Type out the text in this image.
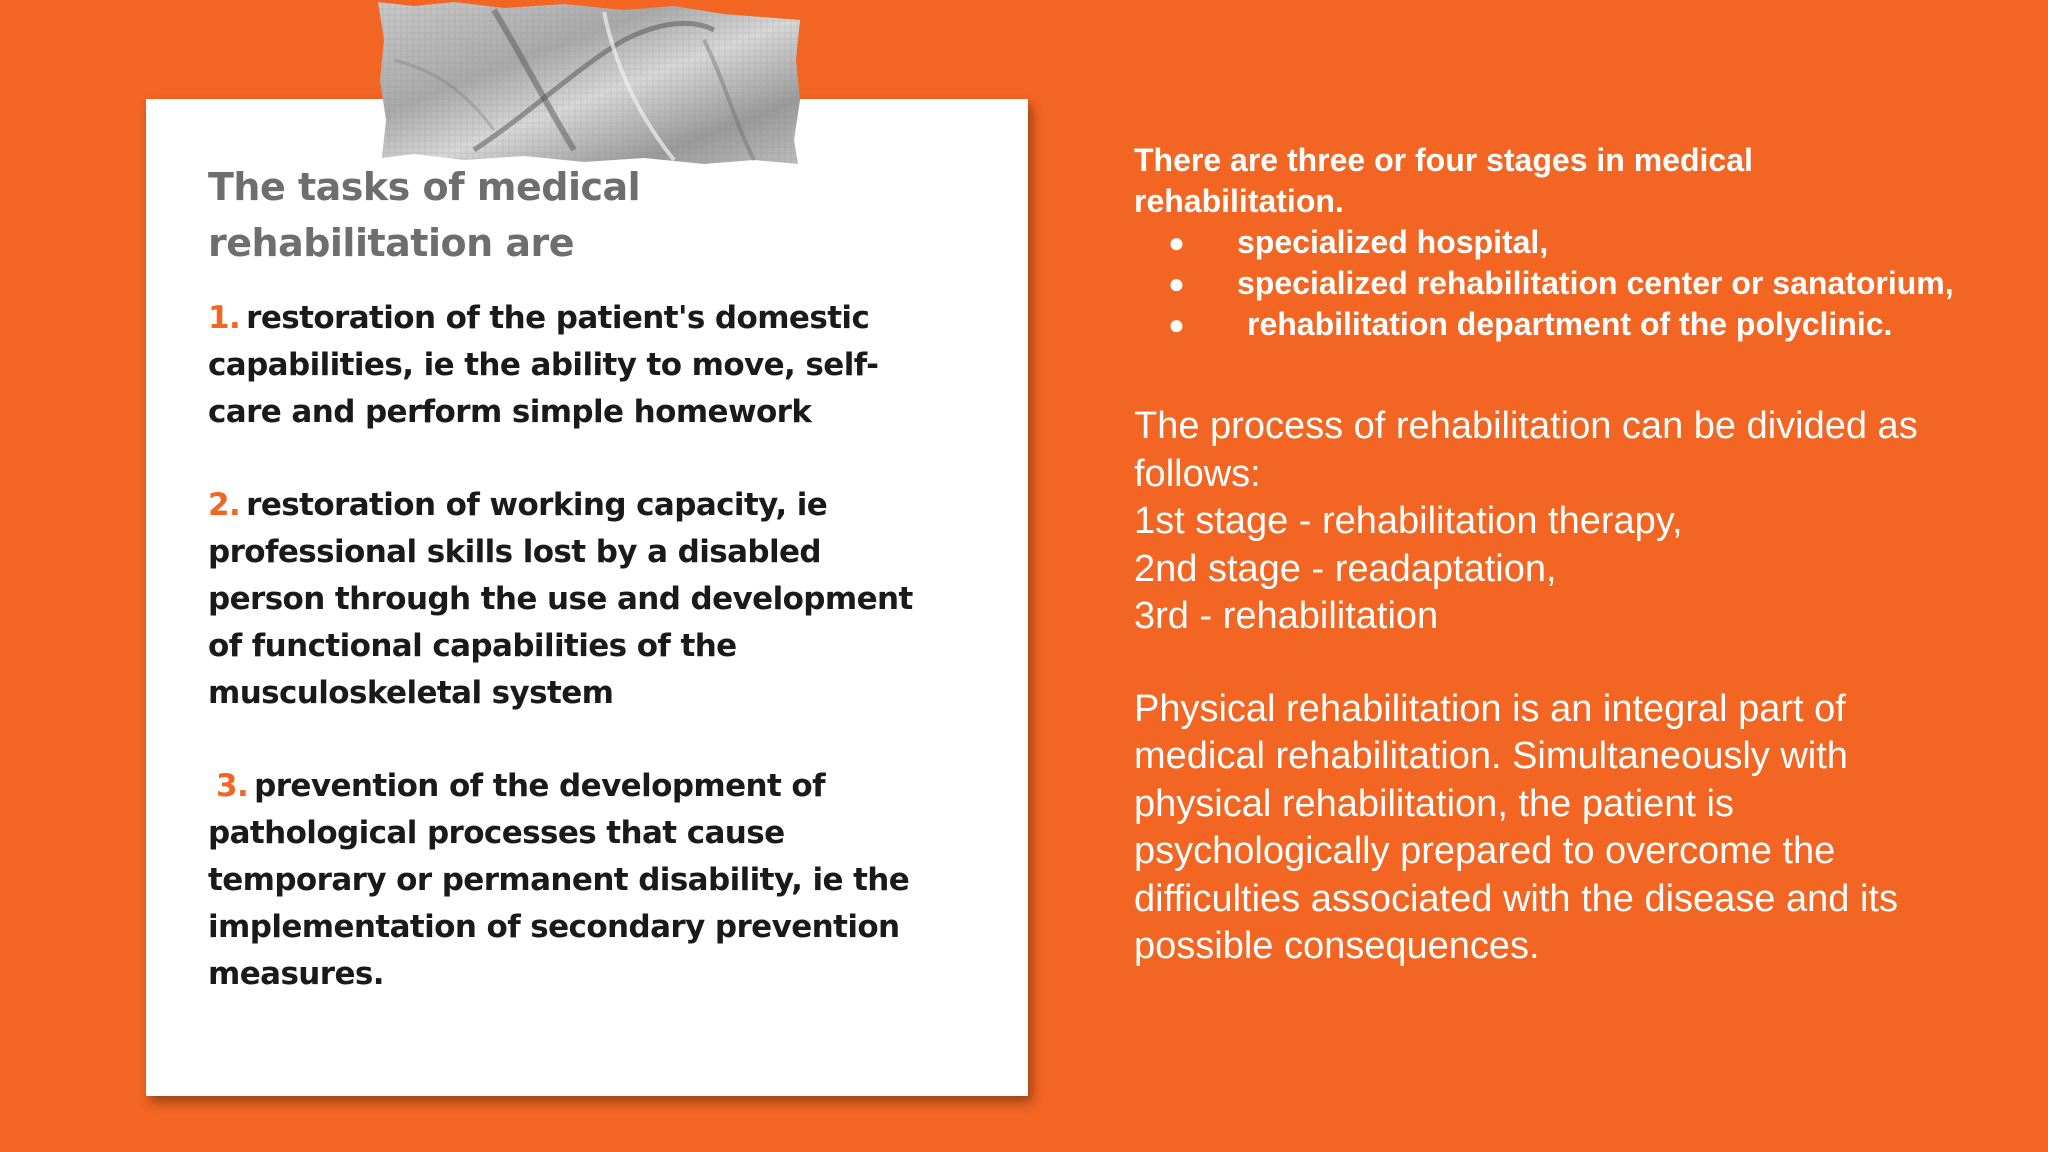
The tasks of medical rehabilitation are

1. restoration of the patient's domestic capabilities, ie the ability to move, self-care and perform simple homework

2. restoration of working capacity, ie professional skills lost by a disabled person through the use and development of functional capabilities of the musculoskeletal system

3. prevention of the development of pathological processes that cause temporary or permanent disability, ie the implementation of secondary prevention measures.

There are three or four stages in medical rehabilitation.

● specialized hospital,
● specialized rehabilitation center or sanatorium,
● rehabilitation department of the polyclinic.

The process of rehabilitation can be divided as follows:
1st stage - rehabilitation therapy,
2nd stage - readaptation,
3rd - rehabilitation

Physical rehabilitation is an integral part of medical rehabilitation. Simultaneously with physical rehabilitation, the patient is psychologically prepared to overcome the difficulties associated with the disease and its possible consequences.
